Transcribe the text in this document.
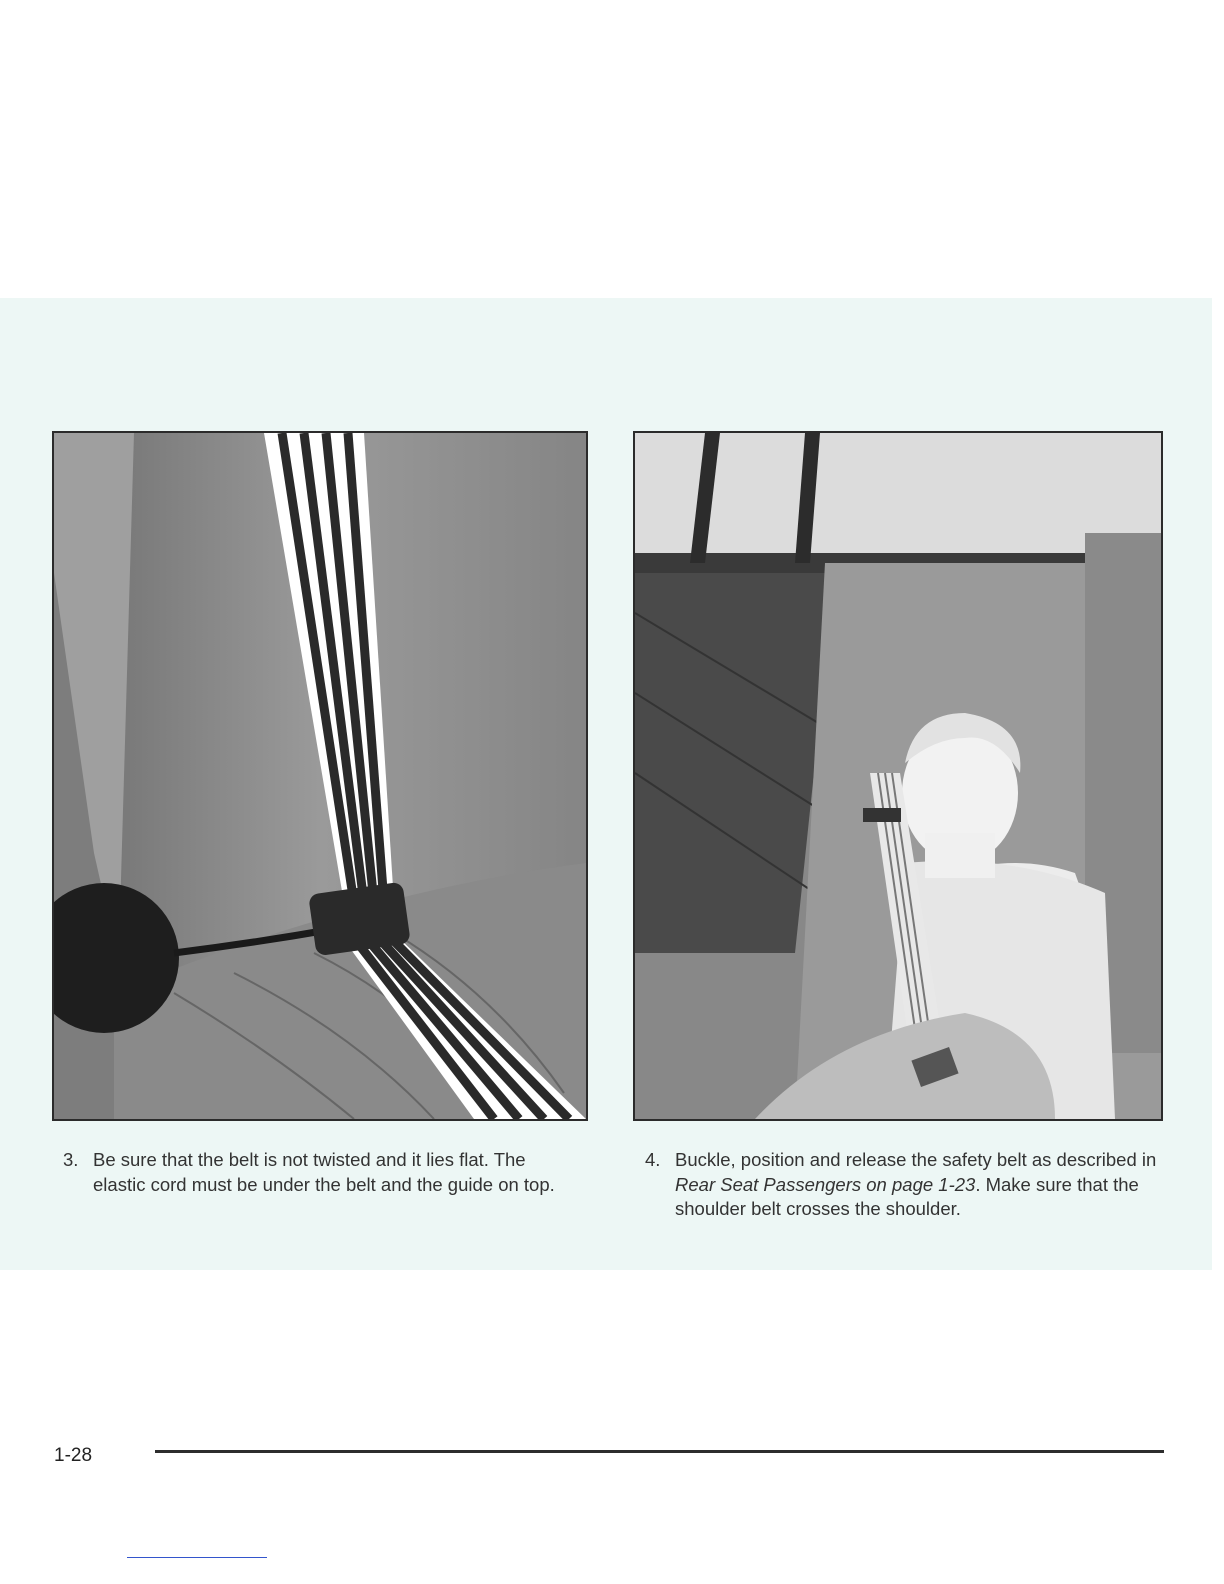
3. Be sure that the belt is not twisted and it lies flat. The elastic cord must be under the belt and the guide on top.
4. Buckle, position and release the safety belt as described in Rear Seat Passengers on page 1-23. Make sure that the shoulder belt crosses the shoulder.
1-28
